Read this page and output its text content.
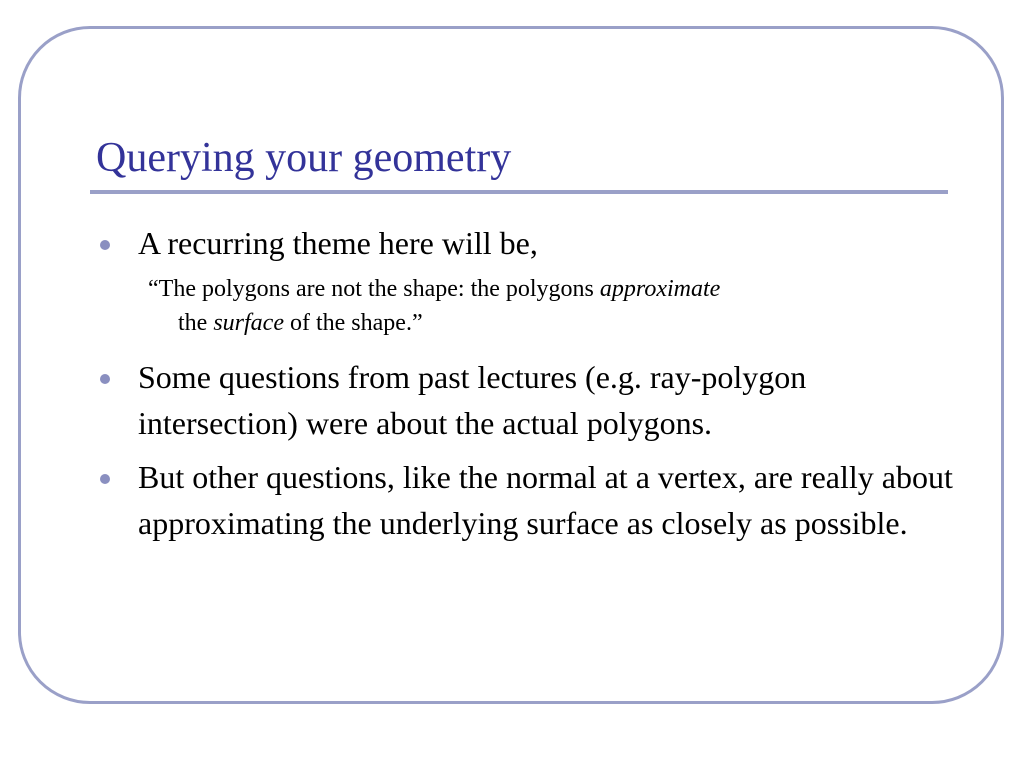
Querying your geometry
A recurring theme here will be,
“The polygons are not the shape: the polygons approximate
the surface of the shape.”
Some questions from past lectures (e.g. ray-polygon intersection) were about the actual polygons.
But other questions, like the normal at a vertex, are really about approximating the underlying surface as closely as possible.
